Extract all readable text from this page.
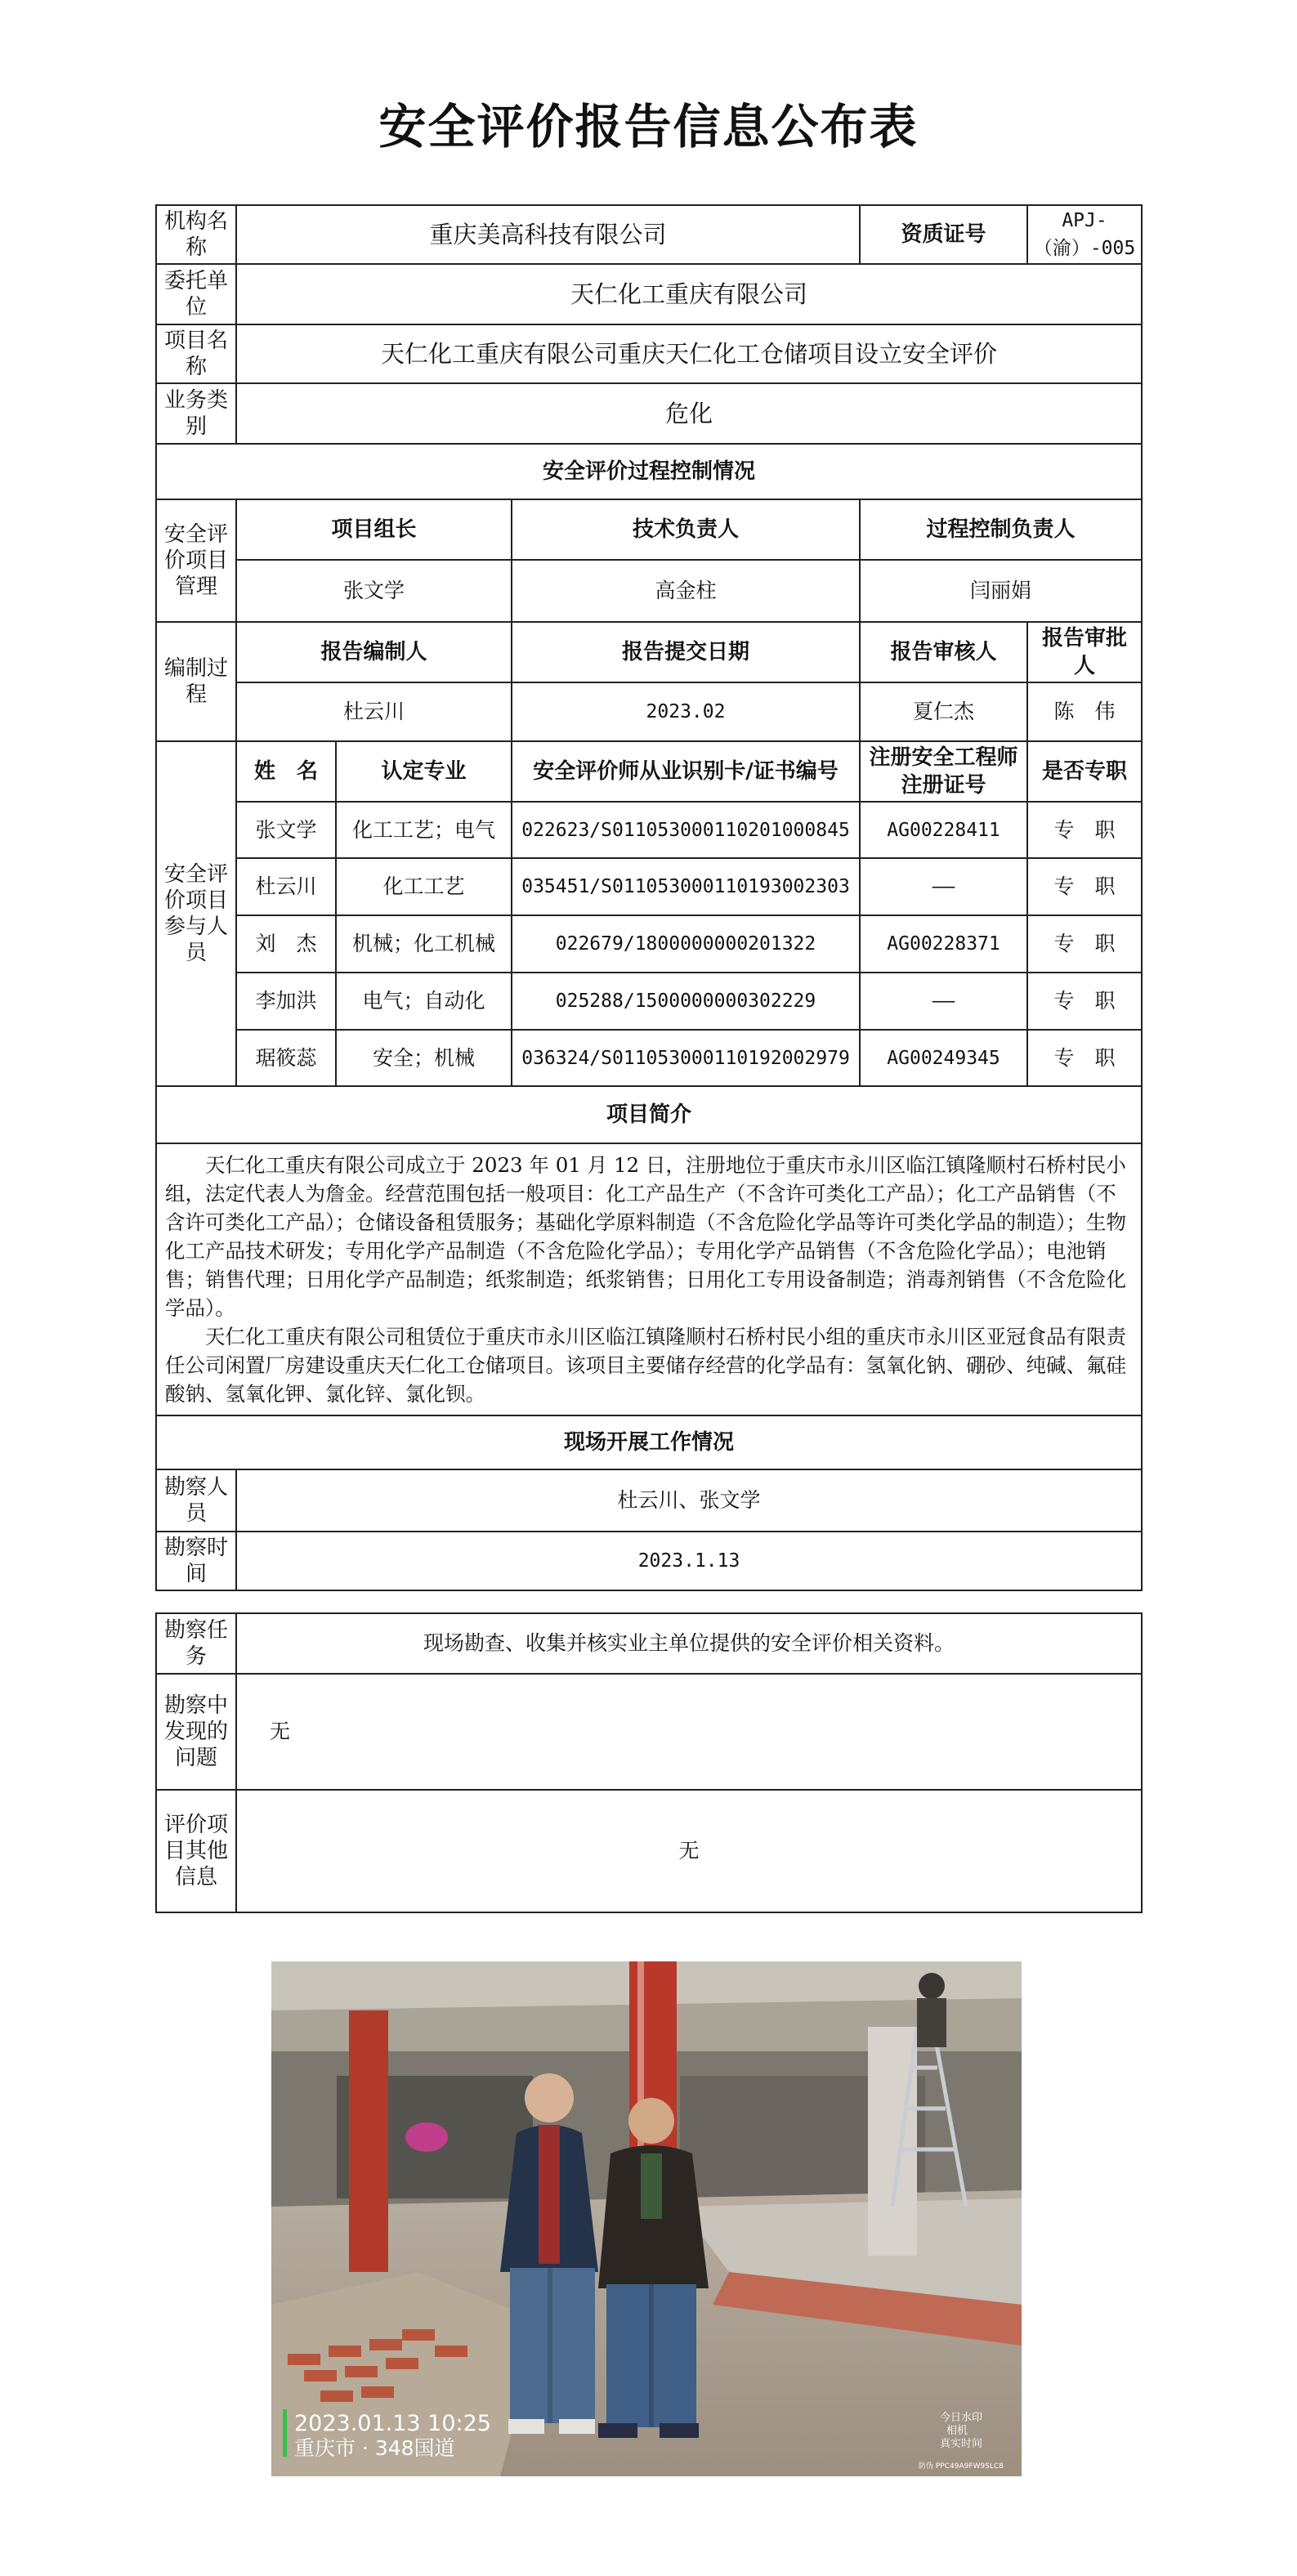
安全评价报告信息公布表
机构名称	重庆美高科技有限公司			资质证号	APJ-（渝）-005
委托单位	天仁化工重庆有限公司				
项目名称	天仁化工重庆有限公司重庆天仁化工仓储项目设立安全评价				
业务类别	危化				
安全评价过程控制情况					
安全评价项目管理	项目组长		技术负责人	过程控制负责人	
	张文学		高金柱	闫丽娟	
编制过程	报告编制人		报告提交日期	报告审核人	报告审批人
	杜云川		2023.02	夏仁杰	陈　伟
安全评价项目参与人员	姓　名	认定专业	安全评价师从业识别卡/证书编号	注册安全工程师注册证号	是否专职
	张文学	化工工艺；电气	022623/S011053000110201000845	AG00228411	专　职
	杜云川	化工工艺	035451/S011053000110193002303	——	专　职
	刘　杰	机械；化工机械	022679/1800000000201322	AG00228371	专　职
	李加洪	电气；自动化	025288/1500000000302229	——	专　职
	琚筱蕊	安全；机械	036324/S011053000110192002979	AG00249345	专　职
项目简介					

天仁化工重庆有限公司成立于 2023 年 01 月 12 日，注册地位于重庆市永川区临江镇隆顺村石桥村民小组，法定代表人为詹金。经营范围包括一般项目：化工产品生产（不含许可类化工产品）；化工产品销售（不含许可类化工产品）；仓储设备租赁服务；基础化学原料制造（不含危险化学品等许可类化学品的制造）；生物化工产品技术研发；专用化学产品制造（不含危险化学品）；专用化学产品销售（不含危险化学品）；电池销售；销售代理；日用化学产品制造；纸浆制造；纸浆销售；日用化工专用设备制造；消毒剂销售（不含危险化学品）。

天仁化工重庆有限公司租赁位于重庆市永川区临江镇隆顺村石桥村民小组的重庆市永川区亚冠食品有限责任公司闲置厂房建设重庆天仁化工仓储项目。该项目主要储存经营的化学品有：氢氧化钠、硼砂、纯碱、氟硅酸钠、氢氧化钾、氯化锌、氯化钡。					

现场开展工作情况					
勘察人员	杜云川、张文学				
勘察时间	2023.1.13				
勘察任务	现场勘查、收集并核实业主单位提供的安全评价相关资料。
勘察中发现的问题	无
评价项目其他信息	无
2023.01.13 10:25
重庆市 · 348国道
今日水印
相机
真实时间
防伪 PPC49A9FW9SLC8
